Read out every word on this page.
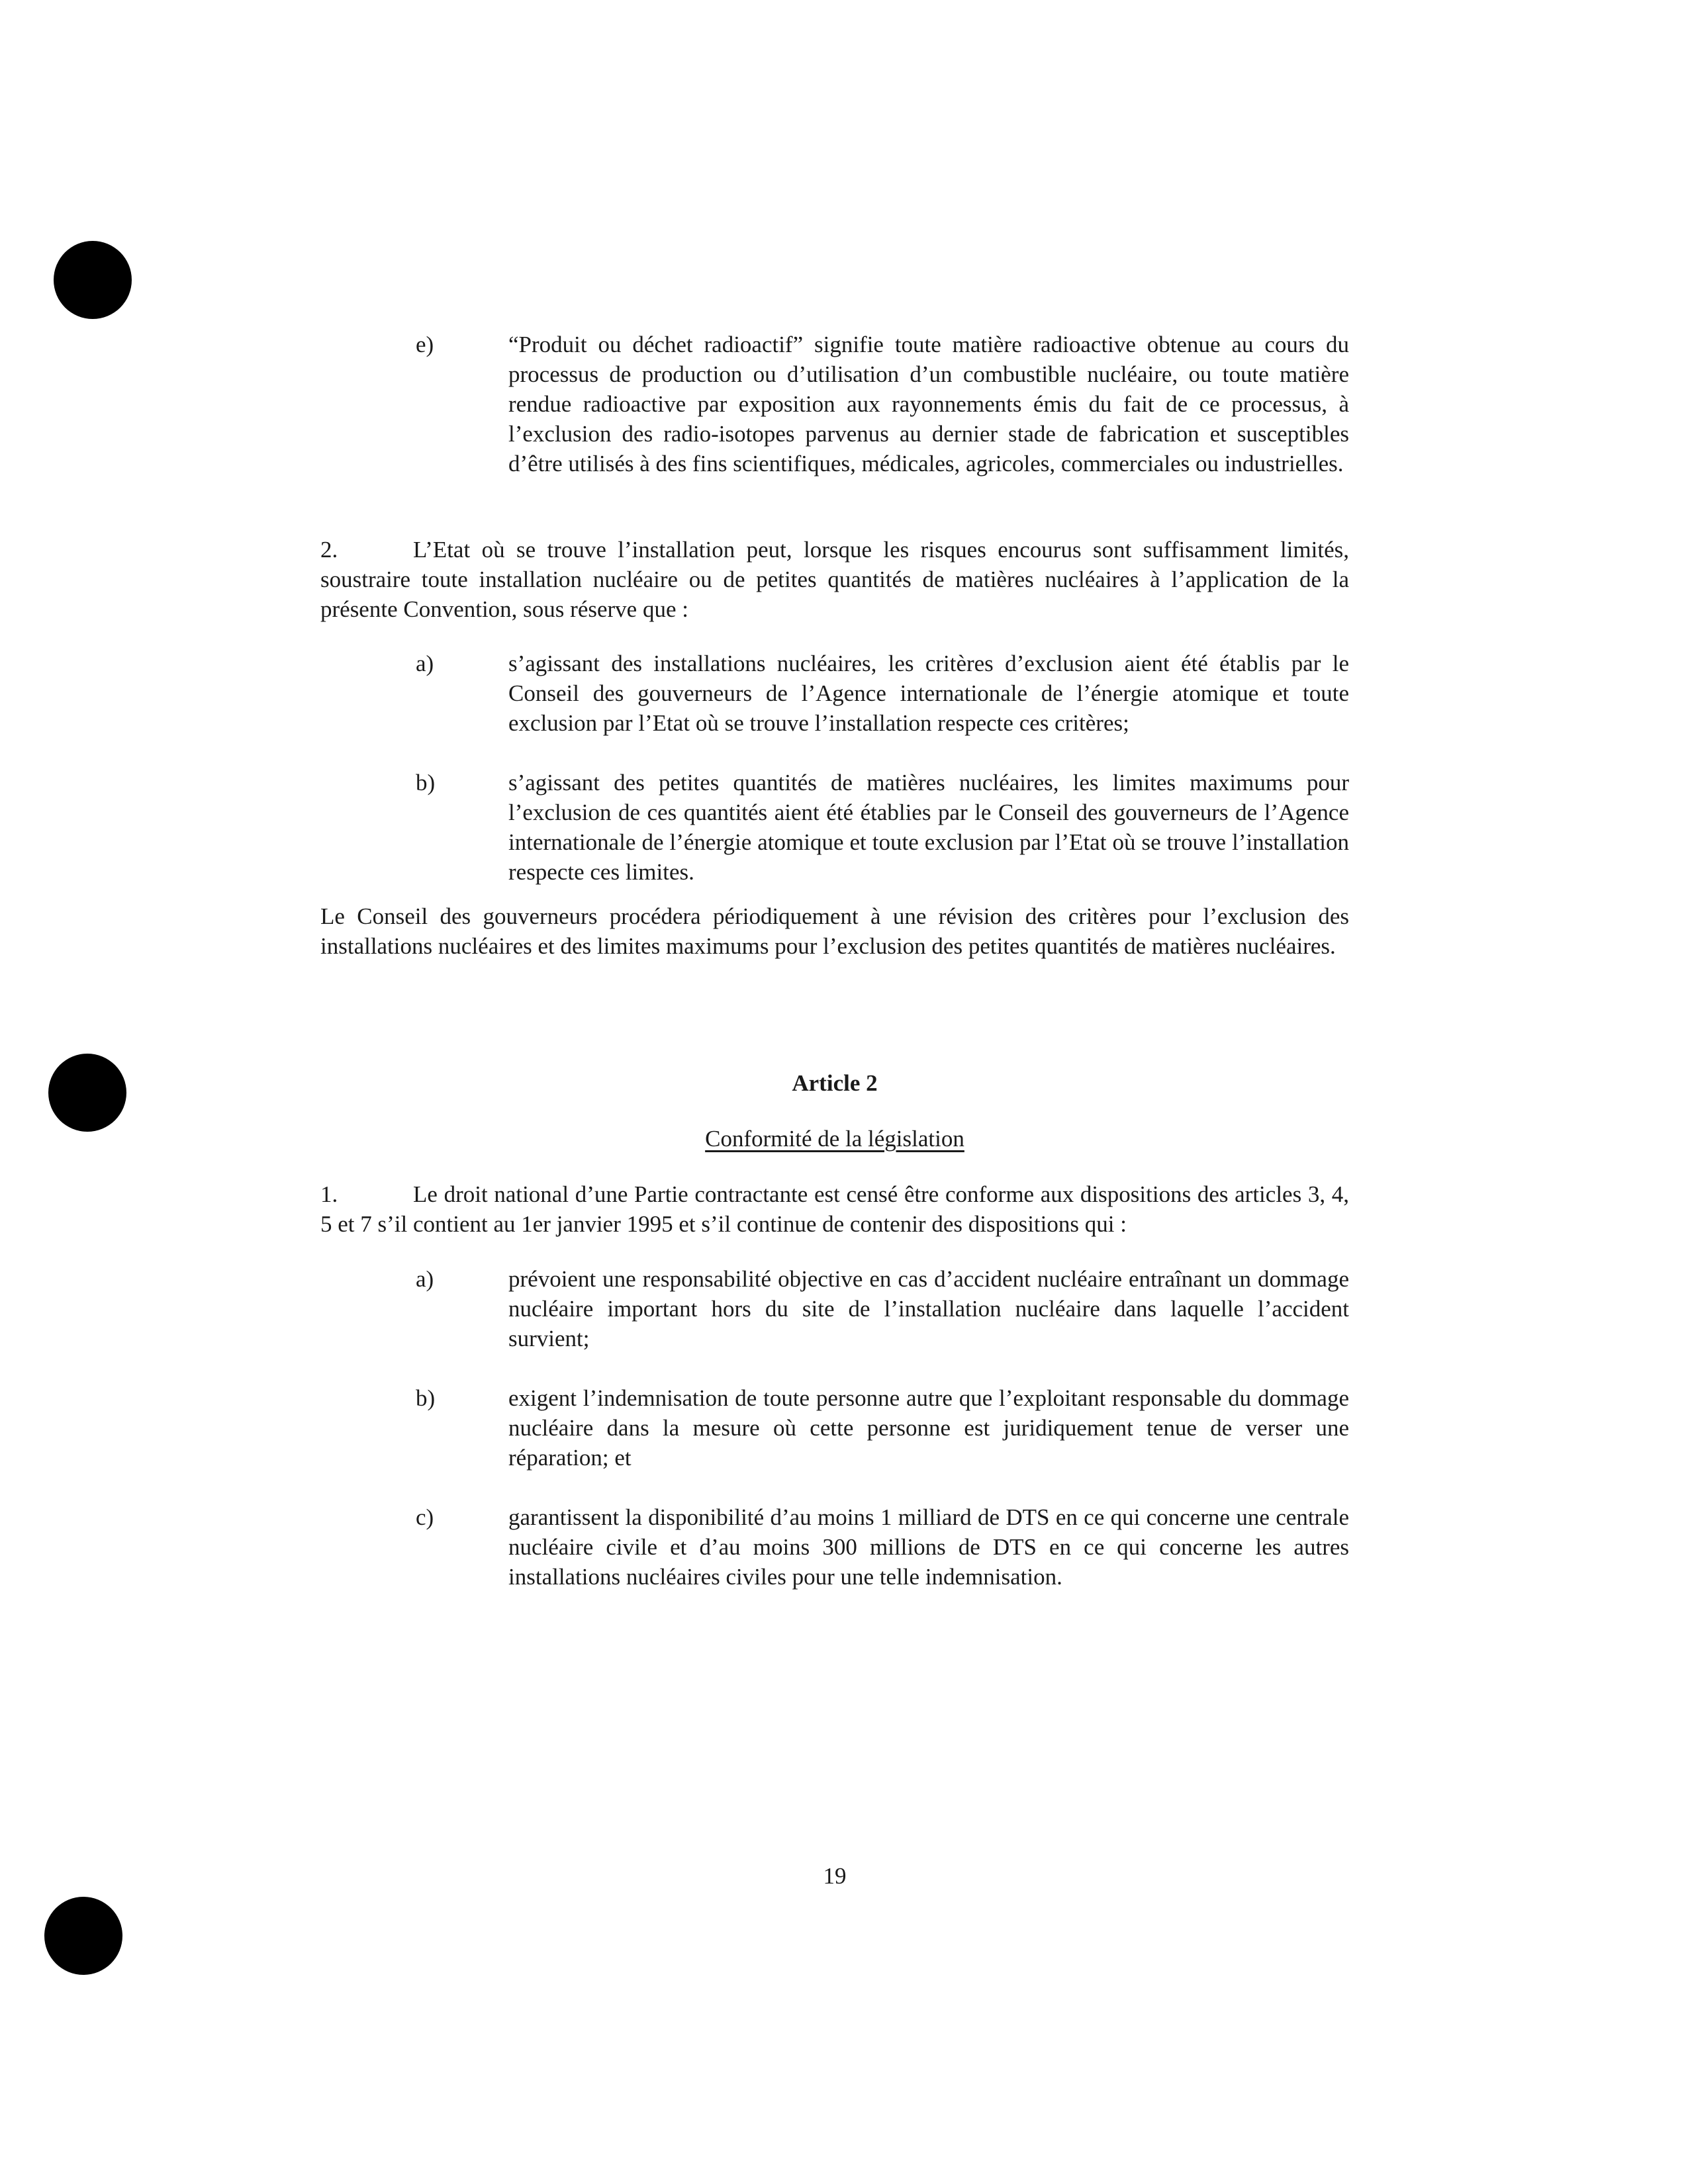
e)	“Produit ou déchet radioactif” signifie toute matière radioactive obtenue au cours du processus de production ou d’utilisation d’un combustible nucléaire, ou toute matière rendue radioactive par exposition aux rayonnements émis du fait de ce processus, à l’exclusion des radio-isotopes parvenus au dernier stade de fabrication et susceptibles d’être utilisés à des fins scientifiques, médicales, agricoles, commerciales ou industrielles.
2.	L’Etat où se trouve l’installation peut, lorsque les risques encourus sont suffisamment limités, soustraire toute installation nucléaire ou de petites quantités de matières nucléaires à l’application de la présente Convention, sous réserve que :
a)	s’agissant des installations nucléaires, les critères d’exclusion aient été établis par le Conseil des gouverneurs de l’Agence internationale de l’énergie atomique et toute exclusion par l’Etat où se trouve l’installation respecte ces critères;
b)	s’agissant des petites quantités de matières nucléaires, les limites maximums pour l’exclusion de ces quantités aient été établies par le Conseil des gouverneurs de l’Agence internationale de l’énergie atomique et toute exclusion par l’Etat où se trouve l’installation respecte ces limites.
Le Conseil des gouverneurs procédera périodiquement à une révision des critères pour l’exclusion des installations nucléaires et des limites maximums pour l’exclusion des petites quantités de matières nucléaires.
Article 2
Conformité de la législation
1.	Le droit national d’une Partie contractante est censé être conforme aux dispositions des articles 3, 4, 5 et 7 s’il contient au 1er janvier 1995 et s’il continue de contenir des dispositions qui :
a)	prévoient une responsabilité objective en cas d’accident nucléaire entraînant un dommage nucléaire important hors du site de l’installation nucléaire dans laquelle l’accident survient;
b)	exigent l’indemnisation de toute personne autre que l’exploitant responsable du dommage nucléaire dans la mesure où cette personne est juridiquement tenue de verser une réparation; et
c)	garantissent la disponibilité d’au moins 1 milliard de DTS en ce qui concerne une centrale nucléaire civile et d’au moins 300 millions de DTS en ce qui concerne les autres installations nucléaires civiles pour une telle indemnisation.
19
